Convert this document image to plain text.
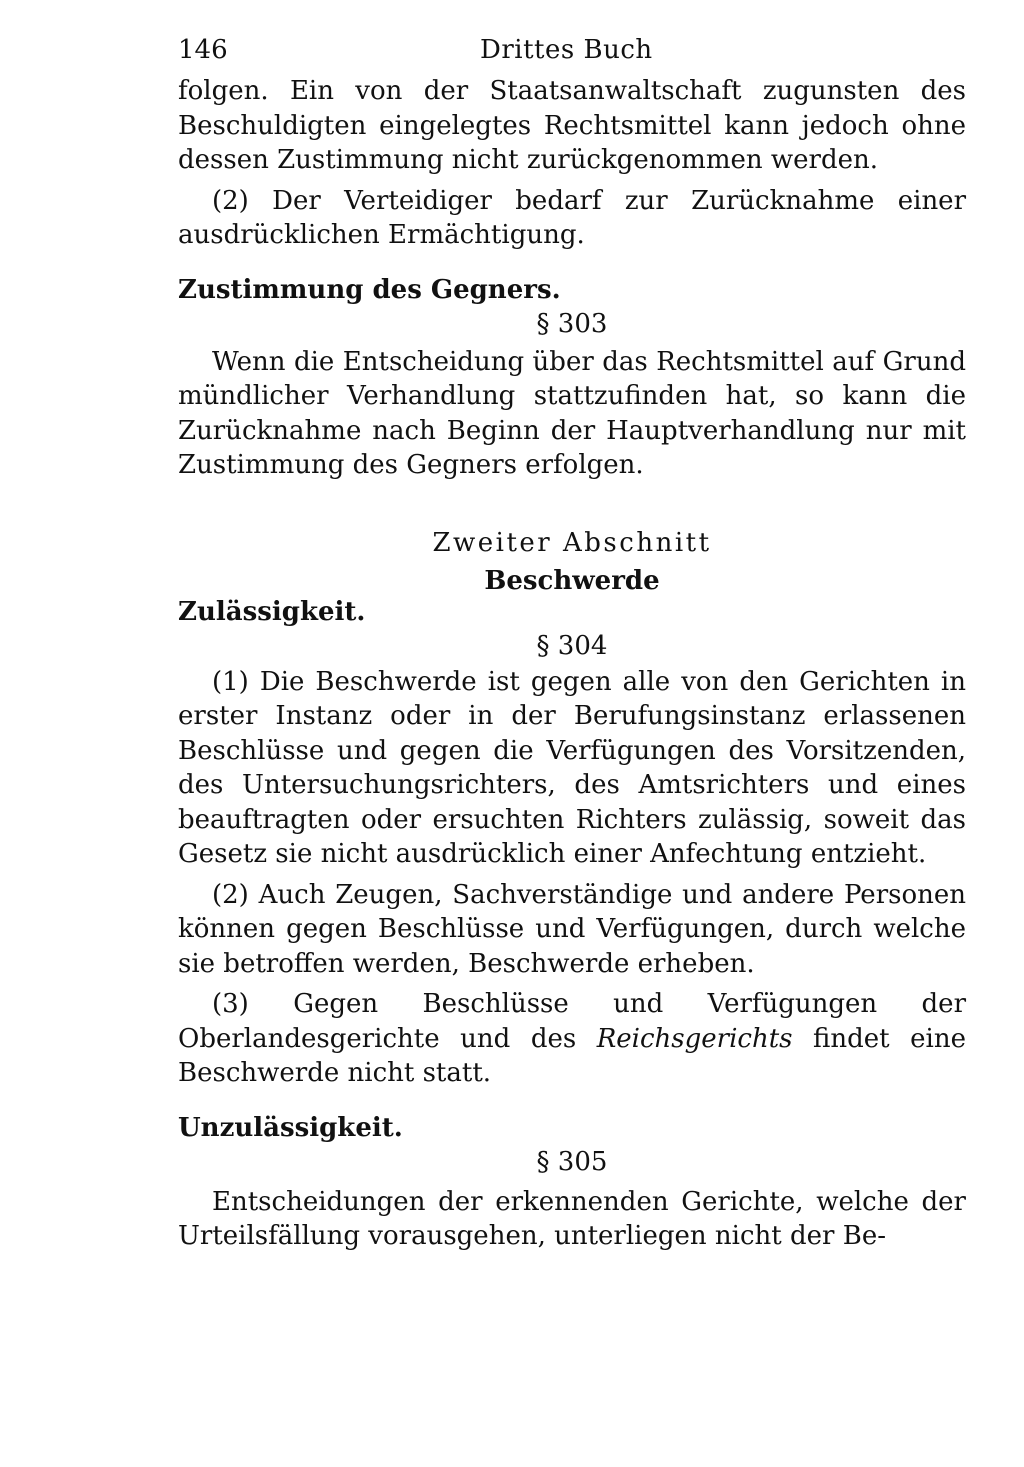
146	Drittes Buch

folgen. Ein von der Staatsanwaltschaft zugunsten des Beschuldigten eingelegtes Rechtsmittel kann jedoch ohne dessen Zustimmung nicht zurückgenommen werden.

(2) Der Verteidiger bedarf zur Zurücknahme einer ausdrücklichen Ermächtigung.

Zustimmung des Gegners.

§ 303

Wenn die Entscheidung über das Rechtsmittel auf Grund mündlicher Verhandlung stattzufinden hat, so kann die Zurücknahme nach Beginn der Hauptverhandlung nur mit Zustimmung des Gegners erfolgen.

Zweiter Abschnitt

Beschwerde

Zulässigkeit.

§ 304

(1) Die Beschwerde ist gegen alle von den Gerichten in erster Instanz oder in der Berufungsinstanz erlassenen Beschlüsse und gegen die Verfügungen des Vorsitzenden, des Untersuchungsrichters, des Amtsrichters und eines beauftragten oder ersuchten Richters zulässig, soweit das Gesetz sie nicht ausdrücklich einer Anfechtung entzieht.

(2) Auch Zeugen, Sachverständige und andere Personen können gegen Beschlüsse und Verfügungen, durch welche sie betroffen werden, Beschwerde erheben.

(3) Gegen Beschlüsse und Verfügungen der Oberlandesgerichte und des Reichsgerichts findet eine Beschwerde nicht statt.

Unzulässigkeit.

§ 305

Entscheidungen der erkennenden Gerichte, welche der Urteilsfällung vorausgehen, unterliegen nicht der Be-
